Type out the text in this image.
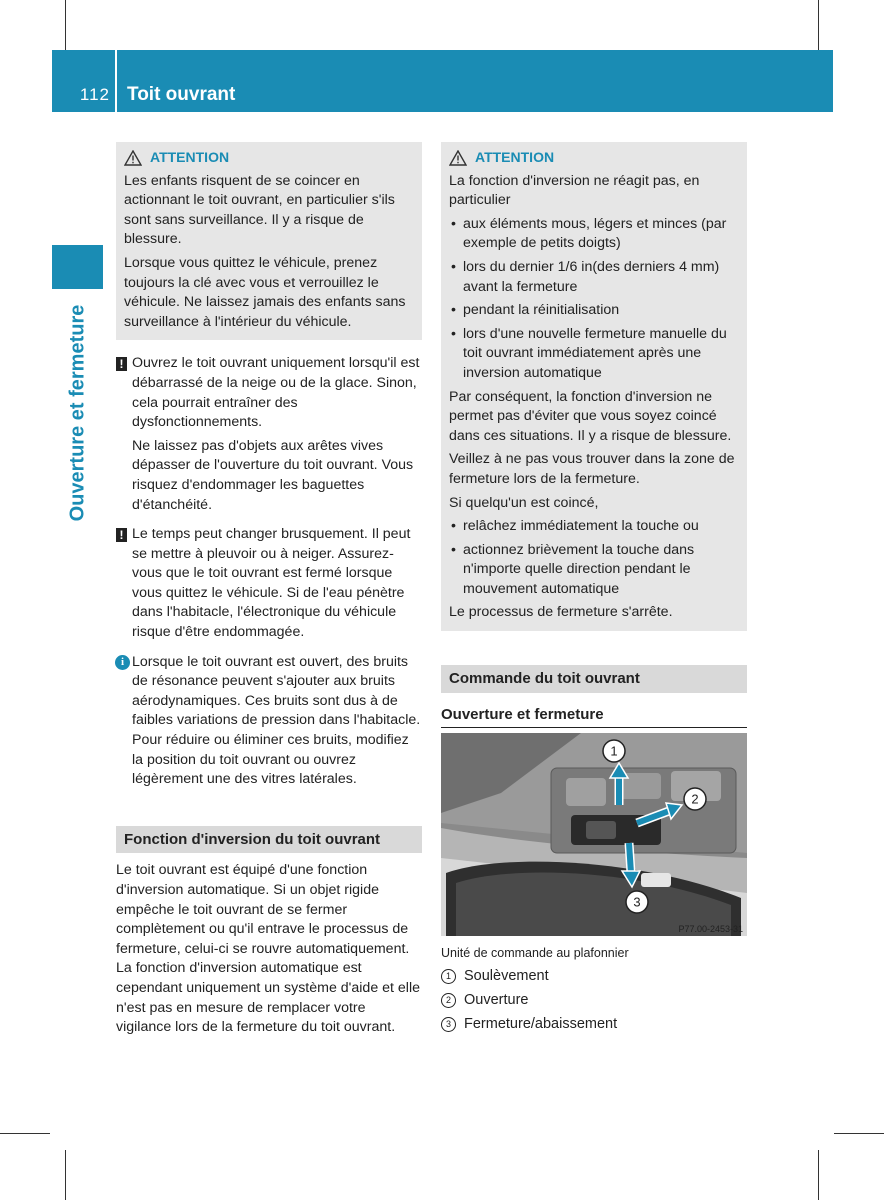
112 Toit ouvrant
Ouverture et fermeture
ATTENTION

Les enfants risquent de se coincer en actionnant le toit ouvrant, en particulier s'ils sont sans surveillance. Il y a risque de blessure.

Lorsque vous quittez le véhicule, prenez toujours la clé avec vous et verrouillez le véhicule. Ne laissez jamais des enfants sans surveillance à l'intérieur du véhicule.

! Ouvrez le toit ouvrant uniquement lorsqu'il est débarrassé de la neige ou de la glace. Sinon, cela pourrait entraîner des dysfonctionnements.

Ne laissez pas d'objets aux arêtes vives dépasser de l'ouverture du toit ouvrant. Vous risquez d'endommager les baguettes d'étanchéité.

! Le temps peut changer brusquement. Il peut se mettre à pleuvoir ou à neiger. Assurez-vous que le toit ouvrant est fermé lorsque vous quittez le véhicule. Si de l'eau pénètre dans l'habitacle, l'électronique du véhicule risque d'être endommagée.

i Lorsque le toit ouvrant est ouvert, des bruits de résonance peuvent s'ajouter aux bruits aérodynamiques. Ces bruits sont dus à de faibles variations de pression dans l'habitacle. Pour réduire ou éliminer ces bruits, modifiez la position du toit ouvrant ou ouvrez légèrement une des vitres latérales.

Fonction d'inversion du toit ouvrant

Le toit ouvrant est équipé d'une fonction d'inversion automatique. Si un objet rigide empêche le toit ouvrant de se fermer complètement ou qu'il entrave le processus de fermeture, celui-ci se rouvre automatiquement. La fonction d'inversion automatique est cependant uniquement un système d'aide et elle n'est pas en mesure de remplacer votre vigilance lors de la fermeture du toit ouvrant.

ATTENTION

La fonction d'inversion ne réagit pas, en particulier

• aux éléments mous, légers et minces (par exemple de petits doigts)
• lors du dernier 1/6 in(des derniers 4 mm) avant la fermeture
• pendant la réinitialisation
• lors d'une nouvelle fermeture manuelle du toit ouvrant immédiatement après une inversion automatique

Par conséquent, la fonction d'inversion ne permet pas d'éviter que vous soyez coincé dans ces situations. Il y a risque de blessure.

Veillez à ne pas vous trouver dans la zone de fermeture lors de la fermeture.

Si quelqu'un est coincé,

• relâchez immédiatement la touche ou
• actionnez brièvement la touche dans n'importe quelle direction pendant le mouvement automatique

Le processus de fermeture s'arrête.

Commande du toit ouvrant
Ouverture et fermeture
1
2
3
P77.00-2453-31
Unité de commande au plafonnier
1 Soulèvement
2 Ouverture
3 Fermeture/abaissement
